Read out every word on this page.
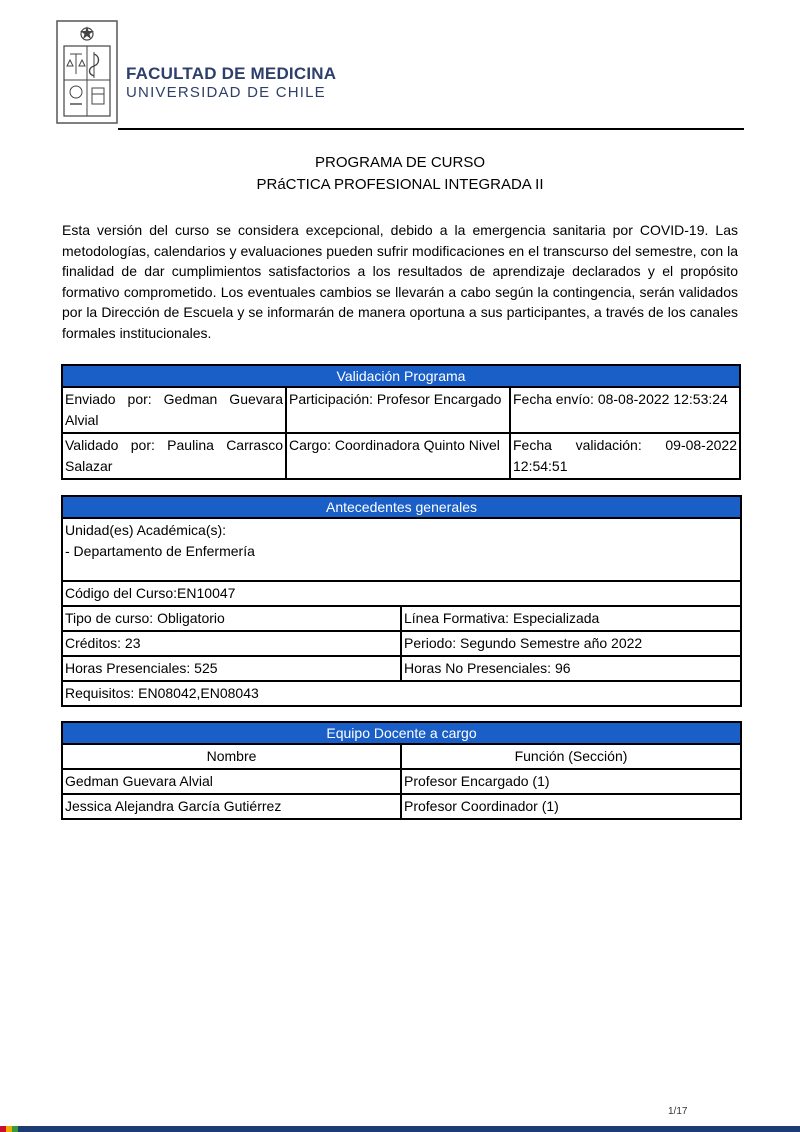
FACULTAD DE MEDICINA
UNIVERSIDAD DE CHILE
PROGRAMA DE CURSO
PRáCTICA PROFESIONAL INTEGRADA II
Esta versión del curso se considera excepcional, debido a la emergencia sanitaria por COVID-19. Las metodologías, calendarios y evaluaciones pueden sufrir modificaciones en el transcurso del semestre, con la finalidad de dar cumplimientos satisfactorios a los resultados de aprendizaje declarados y el propósito formativo comprometido. Los eventuales cambios se llevarán a cabo según la contingencia, serán validados por la Dirección de Escuela y se informarán de manera oportuna a sus participantes, a través de los canales formales institucionales.
Validación Programa		
Enviado por: Gedman Guevara Alvial	Participación: Profesor Encargado	Fecha envío: 08-08-2022 12:53:24
Validado por: Paulina Carrasco Salazar	Cargo: Coordinadora Quinto Nivel	Fecha validación: 09-08-2022 12:54:51
Antecedentes generales	

Unidad(es) Académica(s):
- Departamento de Enfermería	

Código del Curso:EN10047	
Tipo de curso: Obligatorio	Línea Formativa: Especializada
Créditos: 23	Periodo: Segundo Semestre año 2022
Horas Presenciales: 525	Horas No Presenciales: 96
Requisitos: EN08042,EN08043	
Equipo Docente a cargo	
Nombre	Función (Sección)
Gedman Guevara Alvial	Profesor Encargado (1)
Jessica Alejandra García Gutiérrez	Profesor Coordinador (1)
1/17
